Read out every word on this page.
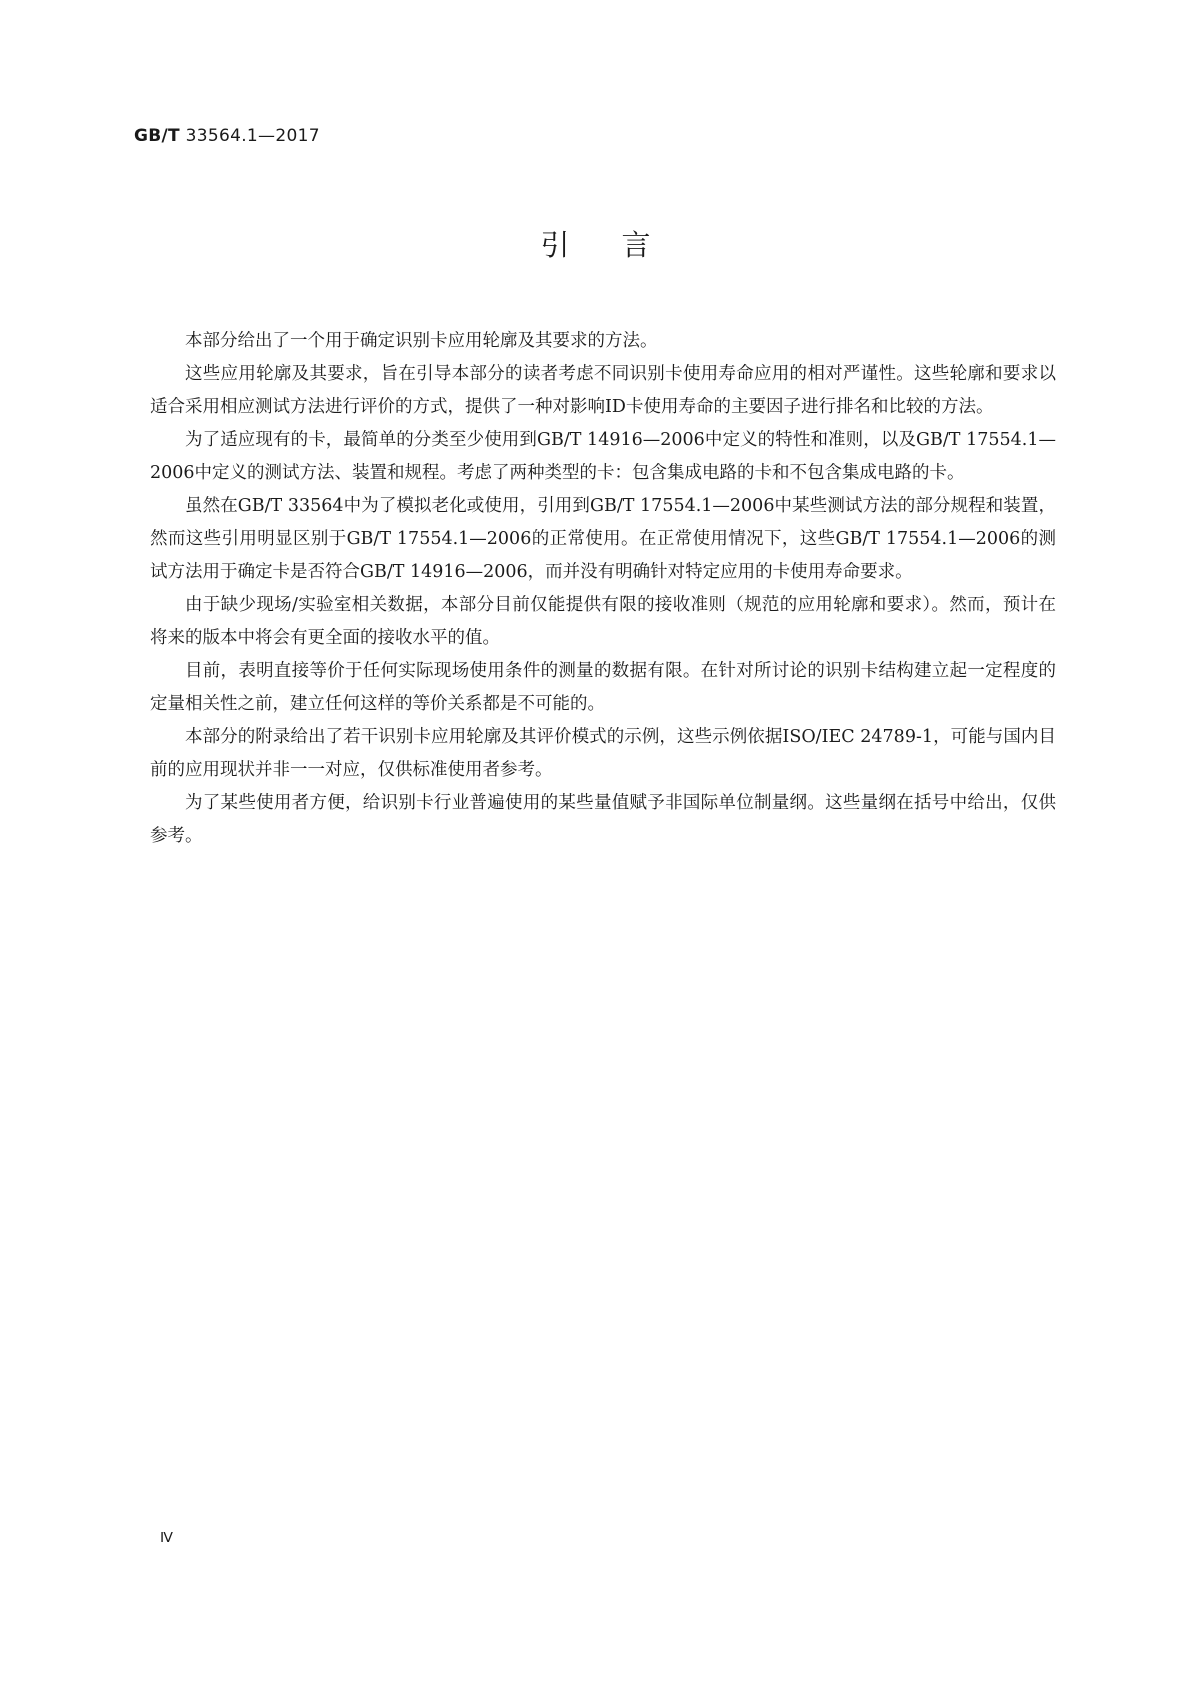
GB/T 33564.1—2017
引言

本部分给出了一个用于确定识别卡应用轮廓及其要求的方法。

这些应用轮廓及其要求，旨在引导本部分的读者考虑不同识别卡使用寿命应用的相对严谨性。这些轮廓和要求以适合采用相应测试方法进行评价的方式，提供了一种对影响ID卡使用寿命的主要因子进行排名和比较的方法。

为了适应现有的卡，最简单的分类至少使用到GB/T 14916—2006中定义的特性和准则，以及GB/T 17554.1—2006中定义的测试方法、装置和规程。考虑了两种类型的卡：包含集成电路的卡和不包含集成电路的卡。

虽然在GB/T 33564中为了模拟老化或使用，引用到GB/T 17554.1—2006中某些测试方法的部分规程和装置，然而这些引用明显区别于GB/T 17554.1—2006的正常使用。在正常使用情况下，这些GB/T 17554.1—2006的测试方法用于确定卡是否符合GB/T 14916—2006，而并没有明确针对特定应用的卡使用寿命要求。

由于缺少现场/实验室相关数据，本部分目前仅能提供有限的接收准则（规范的应用轮廓和要求）。然而，预计在将来的版本中将会有更全面的接收水平的值。

目前，表明直接等价于任何实际现场使用条件的测量的数据有限。在针对所讨论的识别卡结构建立起一定程度的定量相关性之前，建立任何这样的等价关系都是不可能的。

本部分的附录给出了若干识别卡应用轮廓及其评价模式的示例，这些示例依据ISO/IEC 24789-1，可能与国内目前的应用现状并非一一对应，仅供标准使用者参考。

为了某些使用者方便，给识别卡行业普遍使用的某些量值赋予非国际单位制量纲。这些量纲在括号中给出，仅供参考。

Ⅳ
